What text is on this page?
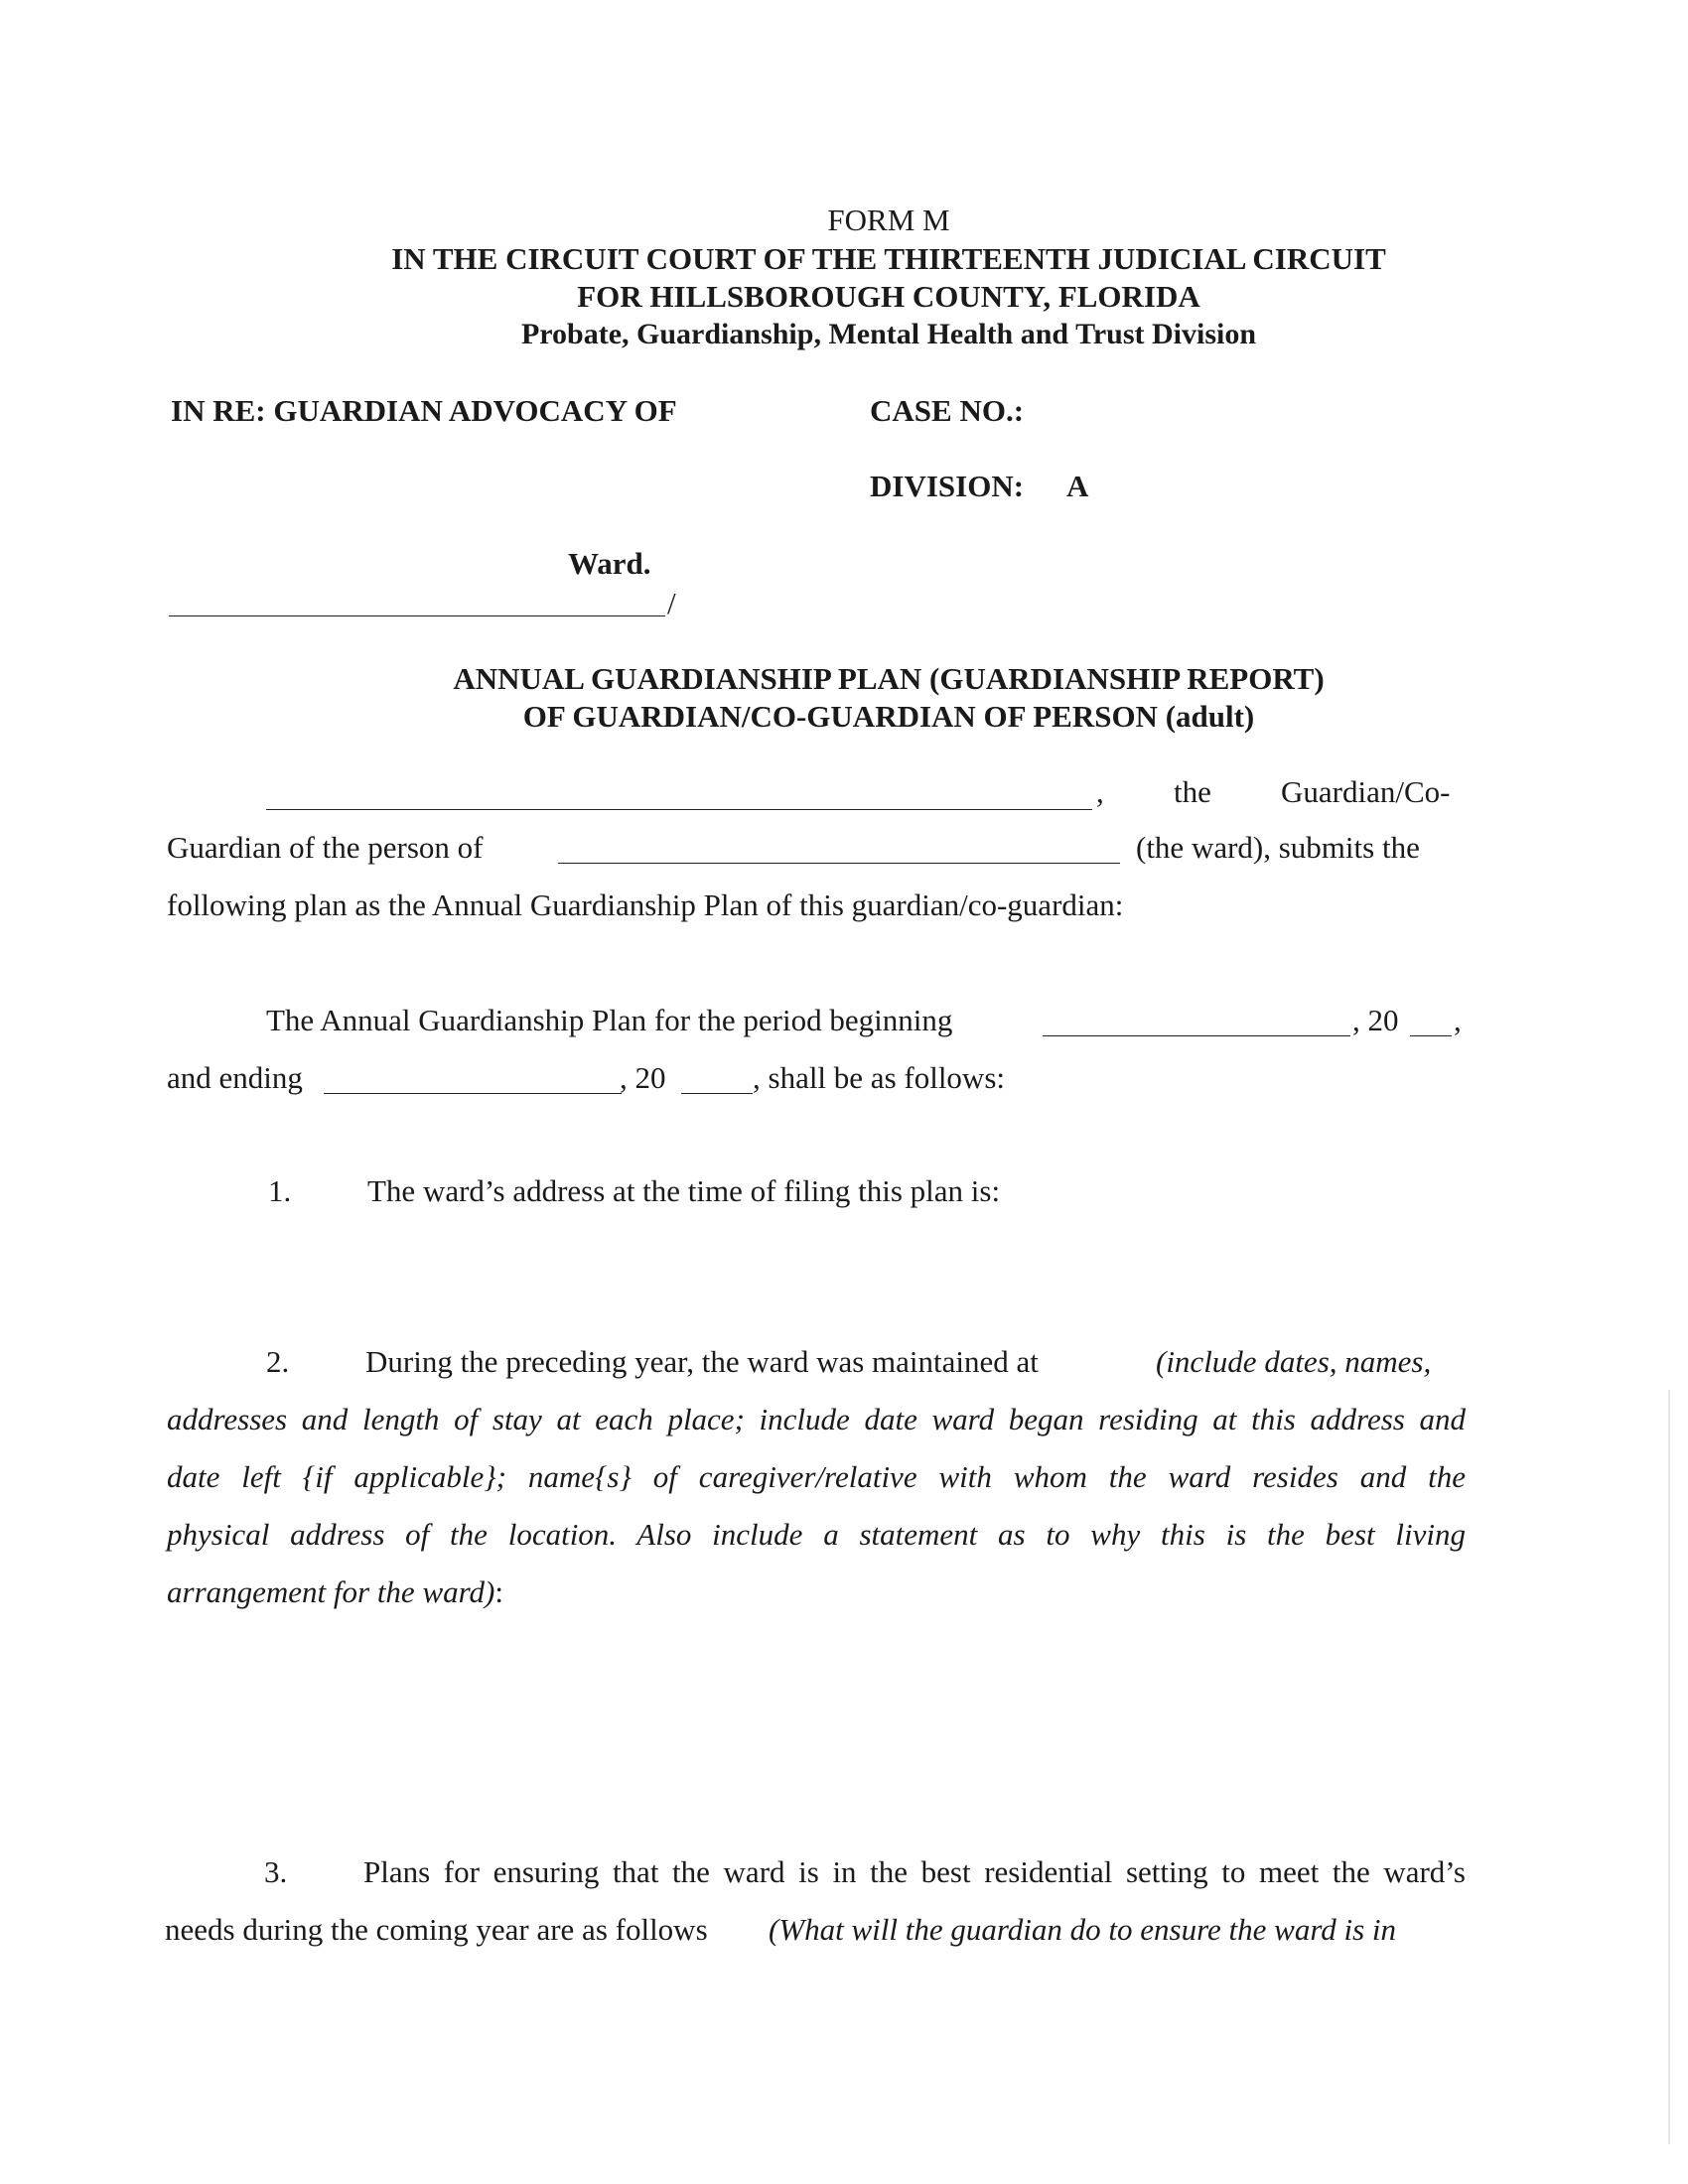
FORM M
IN THE CIRCUIT COURT OF THE THIRTEENTH JUDICIAL CIRCUIT
FOR HILLSBOROUGH COUNTY, FLORIDA
Probate, Guardianship, Mental Health and Trust Division
IN RE: GUARDIAN ADVOCACY OF	CASE NO.:
DIVISION: A
Ward.
/
ANNUAL GUARDIANSHIP PLAN (GUARDIANSHIP REPORT)
OF GUARDIAN/CO-GUARDIAN OF PERSON (adult)
, the Guardian/Co-
Guardian of the person of	(the ward), submits the
following plan as the Annual Guardianship Plan of this guardian/co-guardian:
The Annual Guardianship Plan for the period beginning	, 20 ,
and ending	, 20	, shall be as follows:
1. The ward’s address at the time of filing this plan is:
2. During the preceding year, the ward was maintained at	(include dates, names,
addresses and length of stay at each place; include date ward began residing at this address and
date left {if applicable}; name{s} of caregiver/relative with whom the ward resides and the
physical address of the location. Also include a statement as to why this is the best living
arrangement for the ward):
3. Plans for ensuring that the ward is in the best residential setting to meet the ward’s
needs during the coming year are as follows (What will the guardian do to ensure the ward is in
